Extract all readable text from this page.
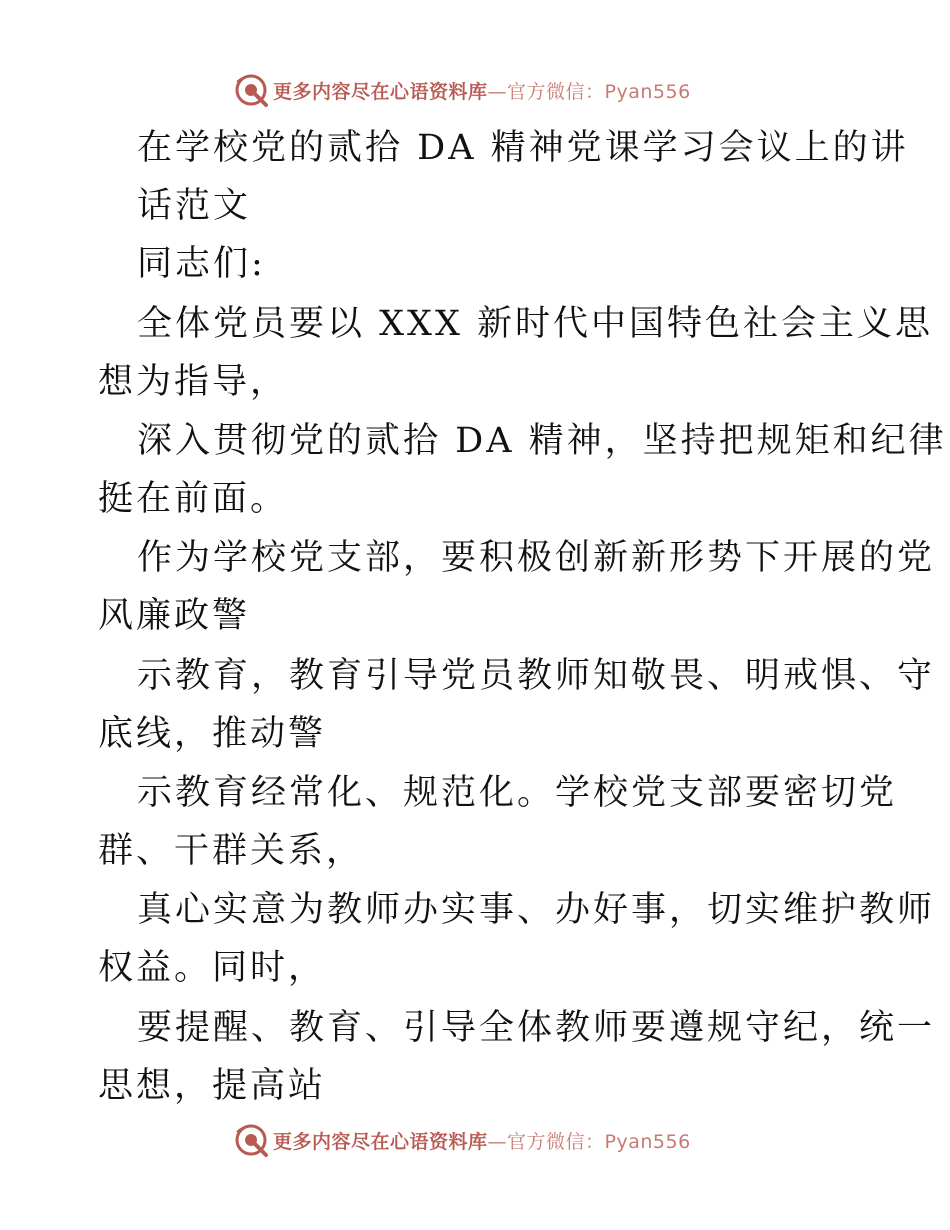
更多内容尽在心语资料库—官方微信：Pyan556

在学校党的贰拾 DA 精神党课学习会议上的讲

话范文

同志们:

全体党员要以 XXX 新时代中国特色社会主义思

想为指导，

深入贯彻党的贰拾 DA 精神，坚持把规矩和纪律

挺在前面。

作为学校党支部，要积极创新新形势下开展的党

风廉政警

示教育，教育引导党员教师知敬畏、明戒惧、守

底线，推动警

示教育经常化、规范化。学校党支部要密切党

群、干群关系，

真心实意为教师办实事、办好事，切实维护教师

权益。同时，

要提醒、教育、引导全体教师要遵规守纪，统一

思想，提高站

更多内容尽在心语资料库—官方微信：Pyan556
